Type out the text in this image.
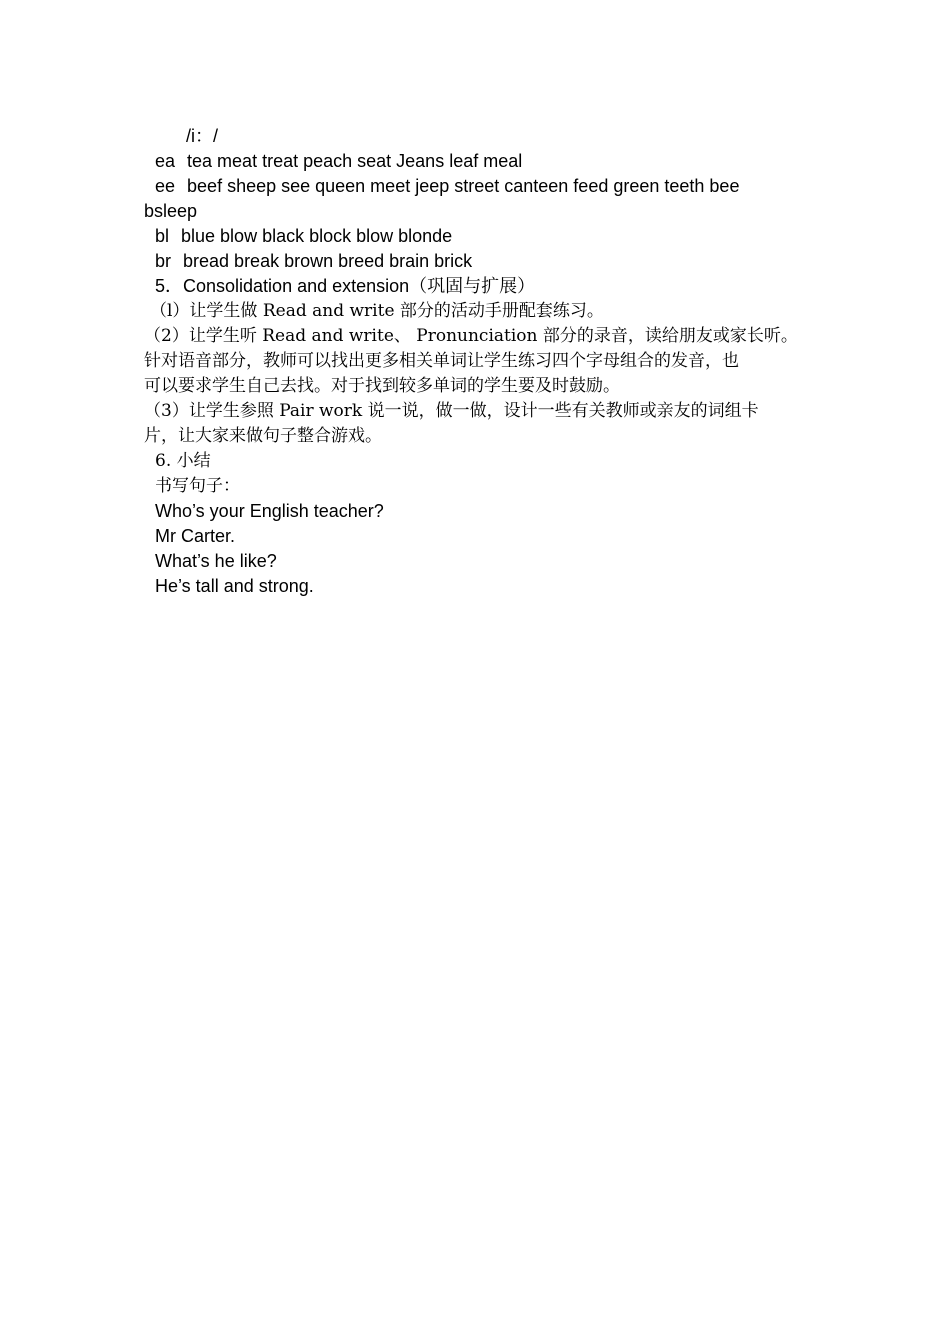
/i：/
ea tea meat treat peach seat Jeans leaf meal
ee beef sheep see queen meet jeep street canteen feed green teeth bee
bsleep
bl blue blow black block blow blonde
br bread break brown breed brain brick
5．Consolidation and extension（巩固与扩展）
（l）让学生做 Read and write 部分的活动手册配套练习。
（2）让学生听 Read and write、 Pronunciation 部分的录音，读给朋友或家长听。
针对语音部分，教师可以找出更多相关单词让学生练习四个字母组合的发音，也
可以要求学生自己去找。对于找到较多单词的学生要及时鼓励。
（3）让学生参照 Pair work 说一说，做一做，设计一些有关教师或亲友的词组卡
片，让大家来做句子整合游戏。
6. 小结
书写句子：
Who’s your English teacher?
Mr Carter.
What’s he like?
He’s tall and strong.
